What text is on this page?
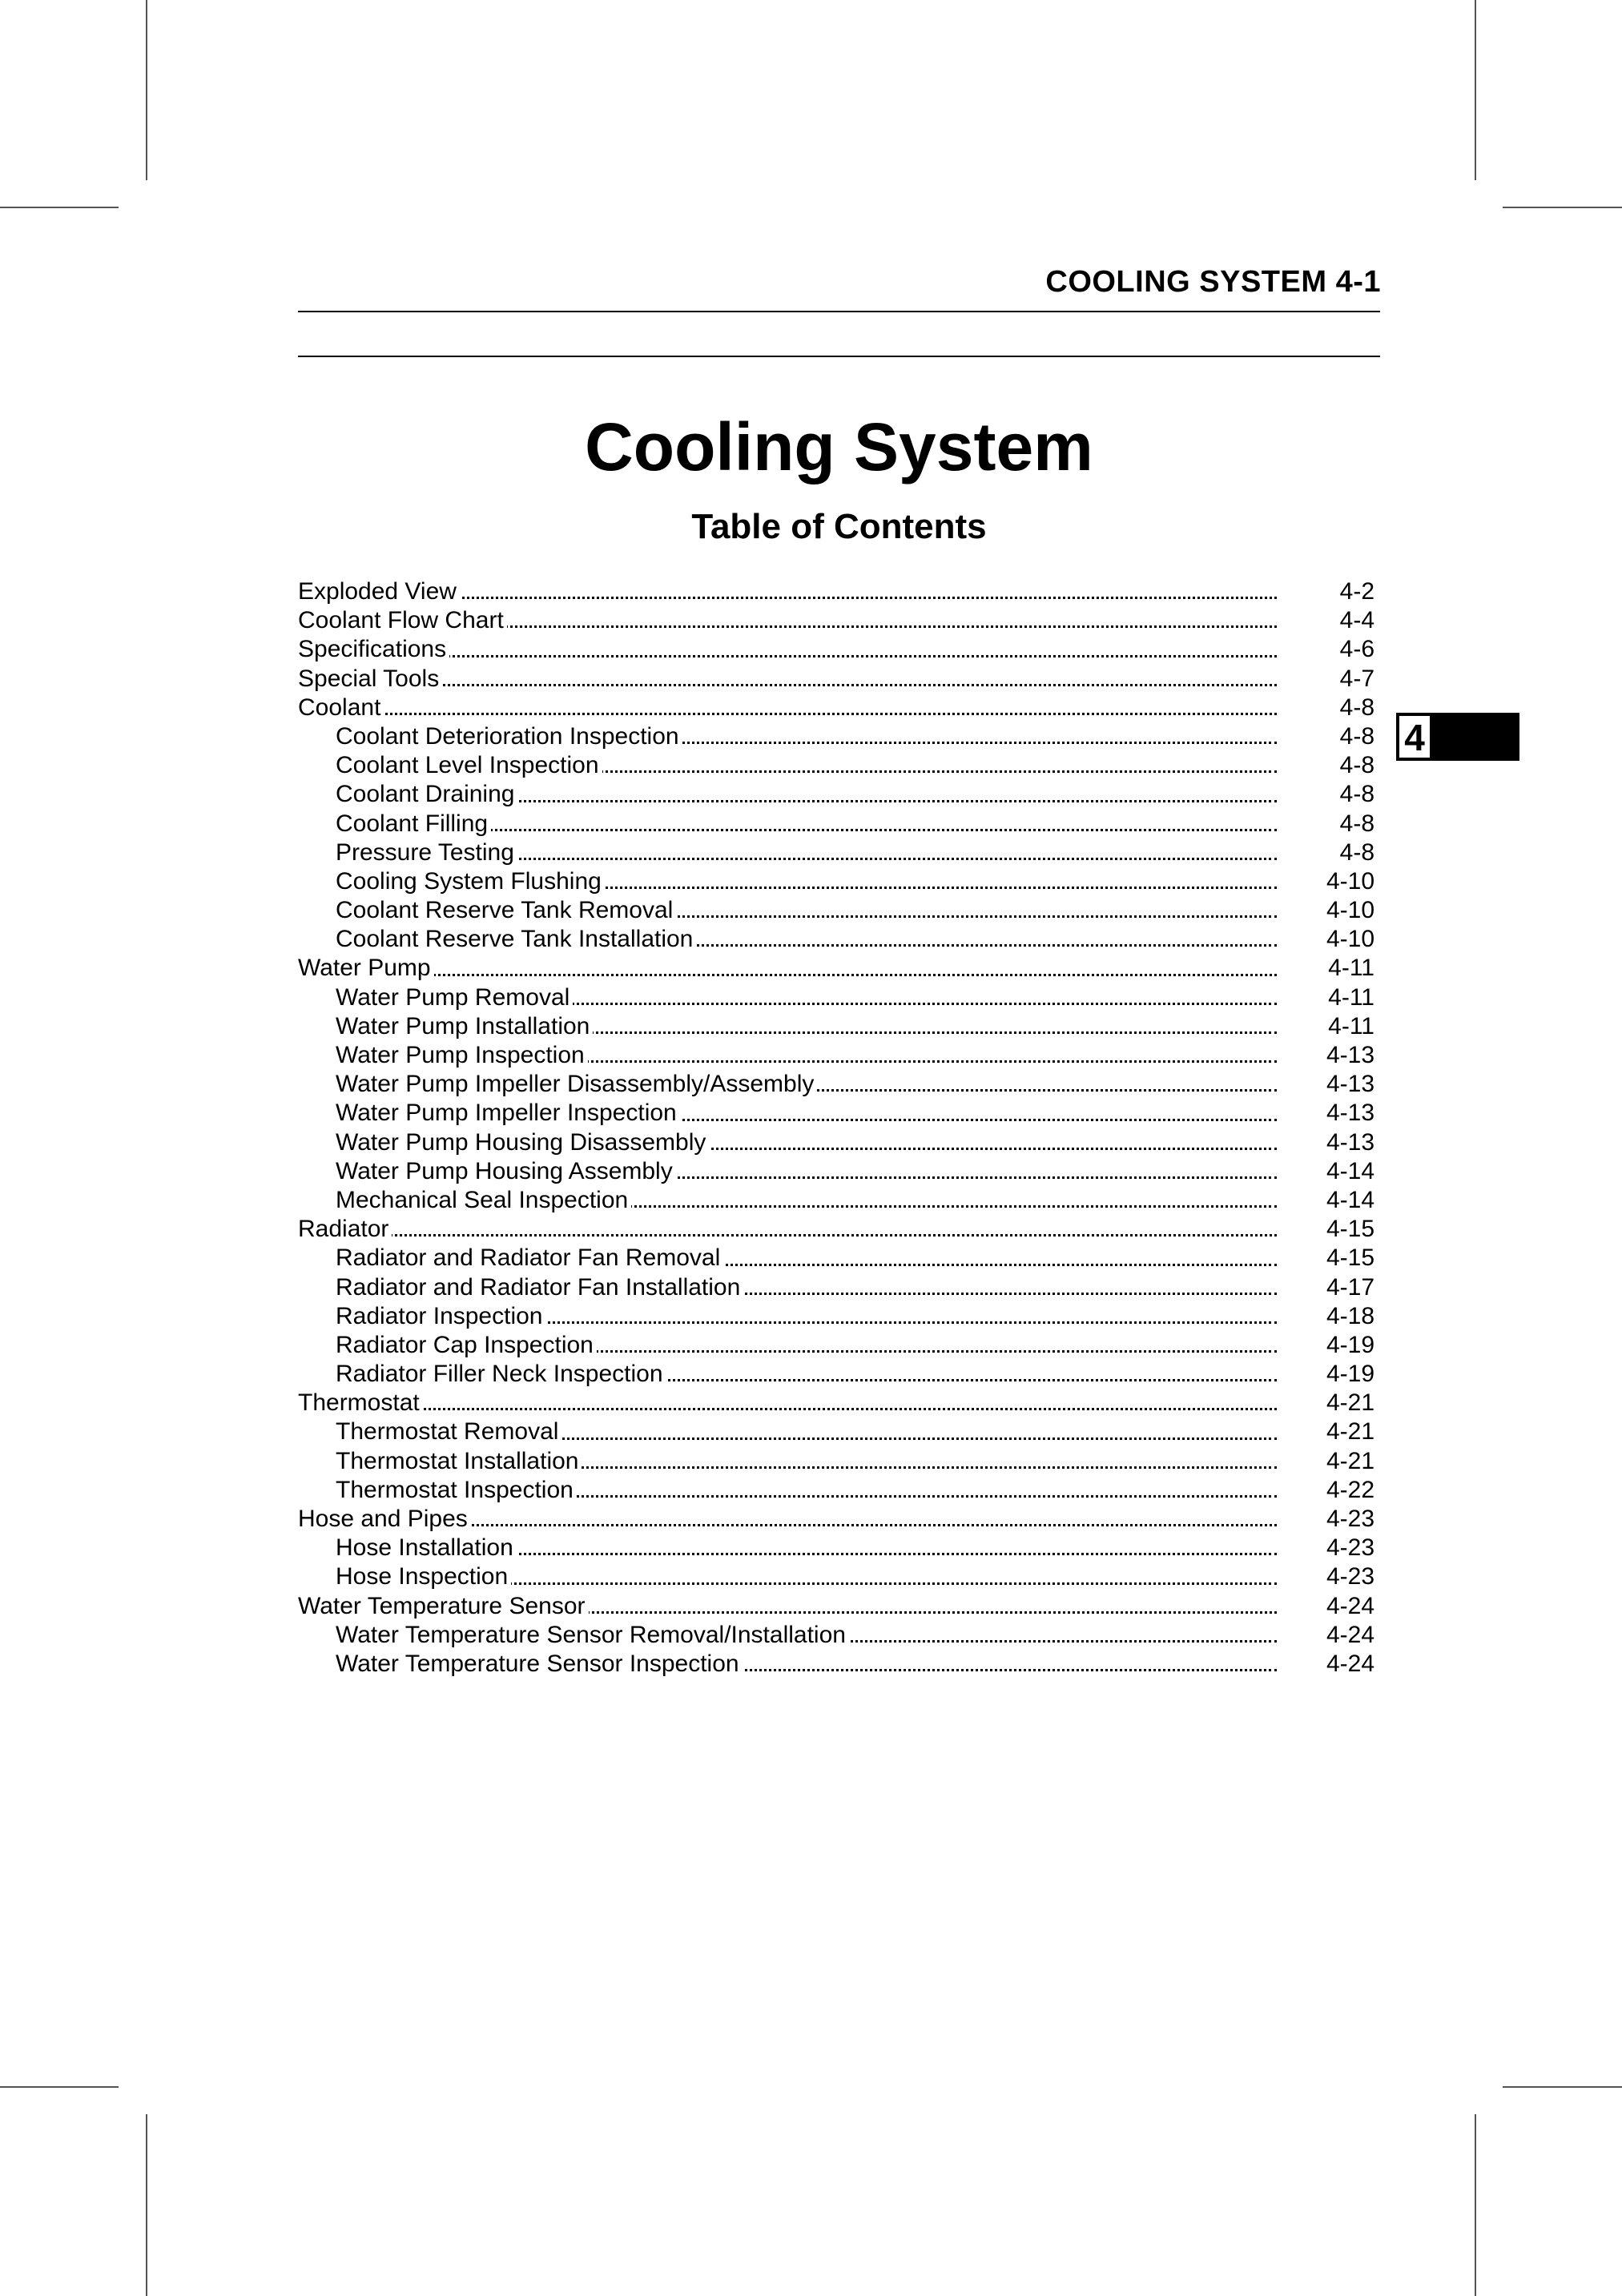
COOLING SYSTEM 4-1
Cooling System
Table of Contents
Exploded View	4-2
Coolant Flow Chart	4-4
Specifications	4-6
Special Tools	4-7
Coolant	4-8
Coolant Deterioration Inspection	4-8
Coolant Level Inspection	4-8
Coolant Draining	4-8
Coolant Filling	4-8
Pressure Testing	4-8
Cooling System Flushing	4-10
Coolant Reserve Tank Removal	4-10
Coolant Reserve Tank Installation	4-10
Water Pump	4-11
Water Pump Removal	4-11
Water Pump Installation	4-11
Water Pump Inspection	4-13
Water Pump Impeller Disassembly/Assembly	4-13
Water Pump Impeller Inspection	4-13
Water Pump Housing Disassembly	4-13
Water Pump Housing Assembly	4-14
Mechanical Seal Inspection	4-14
Radiator	4-15
Radiator and Radiator Fan Removal	4-15
Radiator and Radiator Fan Installation	4-17
Radiator Inspection	4-18
Radiator Cap Inspection	4-19
Radiator Filler Neck Inspection	4-19
Thermostat	4-21
Thermostat Removal	4-21
Thermostat Installation	4-21
Thermostat Inspection	4-22
Hose and Pipes	4-23
Hose Installation	4-23
Hose Inspection	4-23
Water Temperature Sensor	4-24
Water Temperature Sensor Removal/Installation	4-24
Water Temperature Sensor Inspection	4-24
4
